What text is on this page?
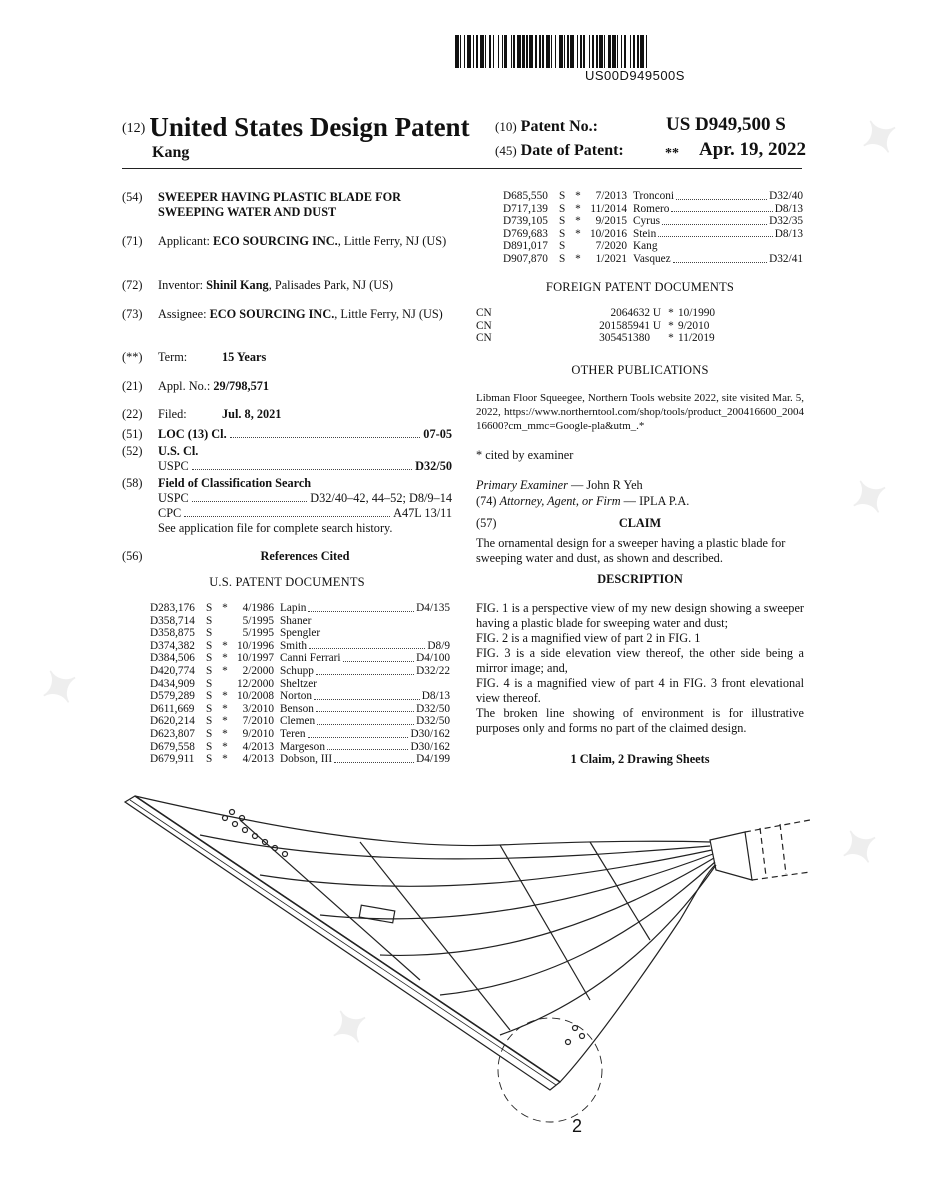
US00D949500S
(12) United States Design Patent
Kang
(10) Patent No.:	US D949,500 S
(45) Date of Patent:	** Apr. 19, 2022
(54) SWEEPER HAVING PLASTIC BLADE FOR SWEEPING WATER AND DUST
(71) Applicant: ECO SOURCING INC., Little Ferry, NJ (US)
(72) Inventor: Shinil Kang, Palisades Park, NJ (US)
(73) Assignee: ECO SOURCING INC., Little Ferry, NJ (US)
(**) Term:	15 Years
(21) Appl. No.: 29/798,571
(22) Filed:	Jul. 8, 2021
(51) LOC (13) Cl.	07-05
(52) U.S. Cl.
USPC	D32/50
(58) Field of Classification Search
USPC	D32/40–42, 44–52; D8/9–14
CPC	A47L 13/11
See application file for complete search history.
(56)	References Cited
U.S. PATENT DOCUMENTS
D283,176 S *	4/1986 Lapin	D4/135
D358,714 S	5/1995 Shaner
D358,875 S	5/1995 Spengler
D374,382 S * 10/1996 Smith	D8/9
D384,506 S * 10/1997 Canni Ferrari	D4/100
D420,774 S *	2/2000 Schupp	D32/22
D434,909 S	12/2000 Sheltzer
D579,289 S * 10/2008 Norton	D8/13
D611,669	S *	3/2010 Benson	D32/50
D620,214 S *	7/2010 Clemen	D32/50
D623,807 S *	9/2010 Teren	D30/162
D679,558 S *	4/2013 Margeson	D30/162
D679,911	S *	4/2013 Dobson, III	D4/199
D685,550 S *	7/2013 Tronconi	D32/40
D717,139 S * 11/2014 Romero	D8/13
D739,105 S *	9/2015 Cyrus	D32/35
D769,683 S * 10/2016 Stein	D8/13
D891,017 S	7/2020 Kang
D907,870 S *	1/2021 Vasquez	D32/41
FOREIGN PATENT DOCUMENTS
CN	2064632 U * 10/1990
CN	201585941 U * 9/2010
CN	305451380	* 11/2019
OTHER PUBLICATIONS
Libman Floor Squeegee, Northern Tools website 2022, site visited Mar. 5, 2022, https://www.northerntool.com/shop/tools/product_200416600_200416600?cm_mmc=Google-pla&utm_.*
* cited by examiner
Primary Examiner — John R Yeh
(74) Attorney, Agent, or Firm — IPLA P.A.
(57)	CLAIM
The ornamental design for a sweeper having a plastic blade for sweeping water and dust, as shown and described.
DESCRIPTION
FIG. 1 is a perspective view of my new design showing a sweeper having a plastic blade for sweeping water and dust;
FIG. 2 is a magnified view of part 2 in FIG. 1
FIG. 3 is a side elevation view thereof, the other side being a mirror image; and,
FIG. 4 is a magnified view of part 4 in FIG. 3 front elevational view thereof.
The broken line showing of environment is for illustrative purposes only and forms no part of the claimed design.
1 Claim, 2 Drawing Sheets
2
✦
✦
✦
✦
✦
